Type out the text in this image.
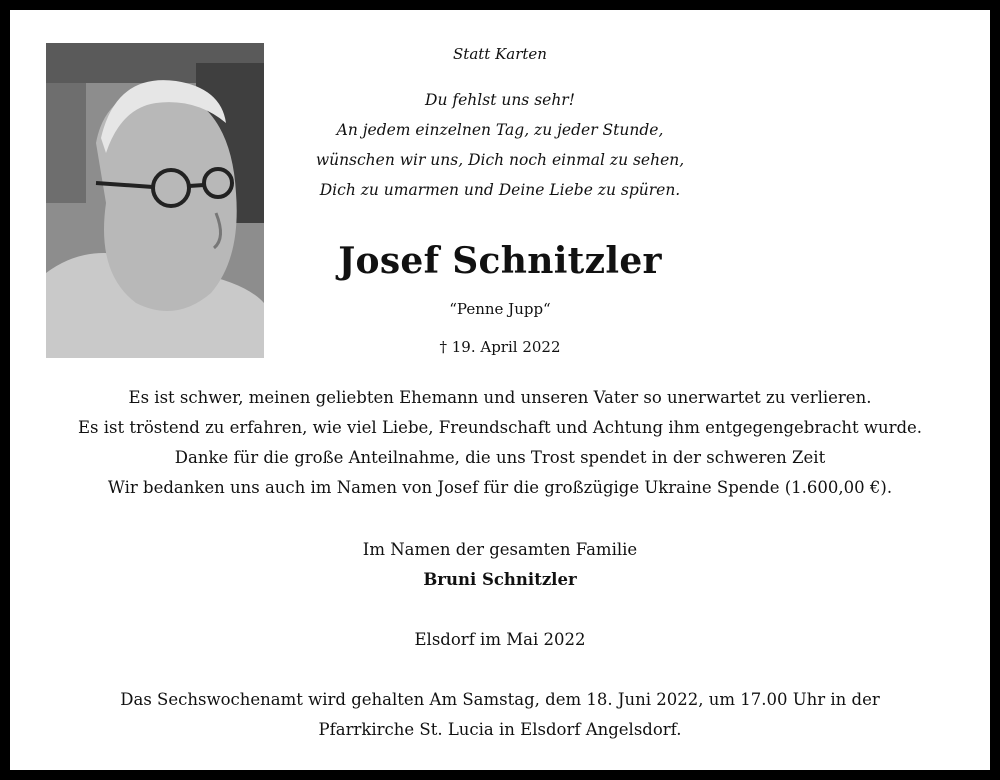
Statt Karten
Du fehlst uns sehr!
An jedem einzelnen Tag, zu jeder Stunde,
wünschen wir uns, Dich noch einmal zu sehen,
Dich zu umarmen und Deine Liebe zu spüren.
Josef Schnitzler
“Penne Jupp“
† 19. April 2022
Es ist schwer, meinen geliebten Ehemann und unseren Vater so unerwartet zu verlieren.
Es ist tröstend zu erfahren, wie viel Liebe, Freundschaft und Achtung ihm entgegengebracht wurde.
Danke für die große Anteilnahme, die uns Trost spendet in der schweren Zeit
Wir bedanken uns auch im Namen von Josef für die großzügige Ukraine Spende (1.600,00 €).
Im Namen der gesamten Familie
Bruni Schnitzler
Elsdorf im Mai 2022
Das Sechswochenamt wird gehalten Am Samstag, dem 18. Juni 2022, um 17.00 Uhr in der
Pfarrkirche St. Lucia in Elsdorf Angelsdorf.
